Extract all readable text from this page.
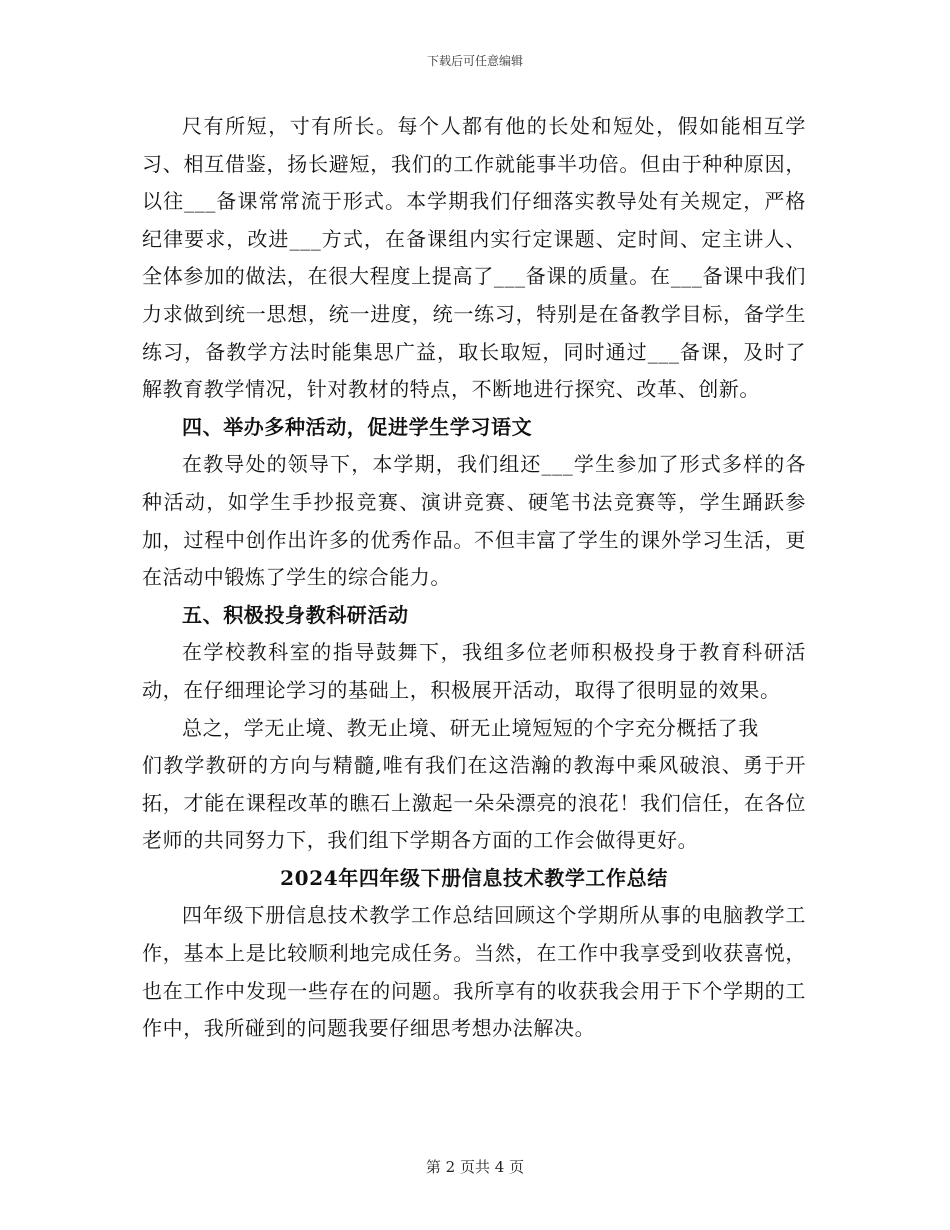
下载后可任意编辑

尺有所短，寸有所长。每个人都有他的长处和短处，假如能相互学习、相互借鉴，扬长避短，我们的工作就能事半功倍。但由于种种原因，以往___备课常常流于形式。本学期我们仔细落实教导处有关规定，严格纪律要求，改进___方式，在备课组内实行定课题、定时间、定主讲人、全体参加的做法，在很大程度上提高了___备课的质量。在___备课中我们力求做到统一思想，统一进度，统一练习，特别是在备教学目标，备学生练习，备教学方法时能集思广益，取长取短，同时通过___备课，及时了解教育教学情况，针对教材的特点，不断地进行探究、改革、创新。

四、举办多种活动，促进学生学习语文

在教导处的领导下，本学期，我们组还___学生参加了形式多样的各种活动，如学生手抄报竞赛、演讲竞赛、硬笔书法竞赛等，学生踊跃参加，过程中创作出许多的优秀作品。不但丰富了学生的课外学习生活，更在活动中锻炼了学生的综合能力。

五、积极投身教科研活动

在学校教科室的指导鼓舞下，我组多位老师积极投身于教育科研活动，在仔细理论学习的基础上，积极展开活动，取得了很明显的效果。

总之，学无止境、教无止境、研无止境短短的个字充分概括了我

们教学教研的方向与精髓,唯有我们在这浩瀚的教海中乘风破浪、勇于开拓，才能在课程改革的瞧石上激起一朵朵漂亮的浪花！我们信任，在各位老师的共同努力下，我们组下学期各方面的工作会做得更好。

2024年四年级下册信息技术教学工作总结

四年级下册信息技术教学工作总结回顾这个学期所从事的电脑教学工作，基本上是比较顺利地完成任务。当然，在工作中我享受到收获喜悦，也在工作中发现一些存在的问题。我所享有的收获我会用于下个学期的工作中，我所碰到的问题我要仔细思考想办法解决。

第 2 页共 4 页
